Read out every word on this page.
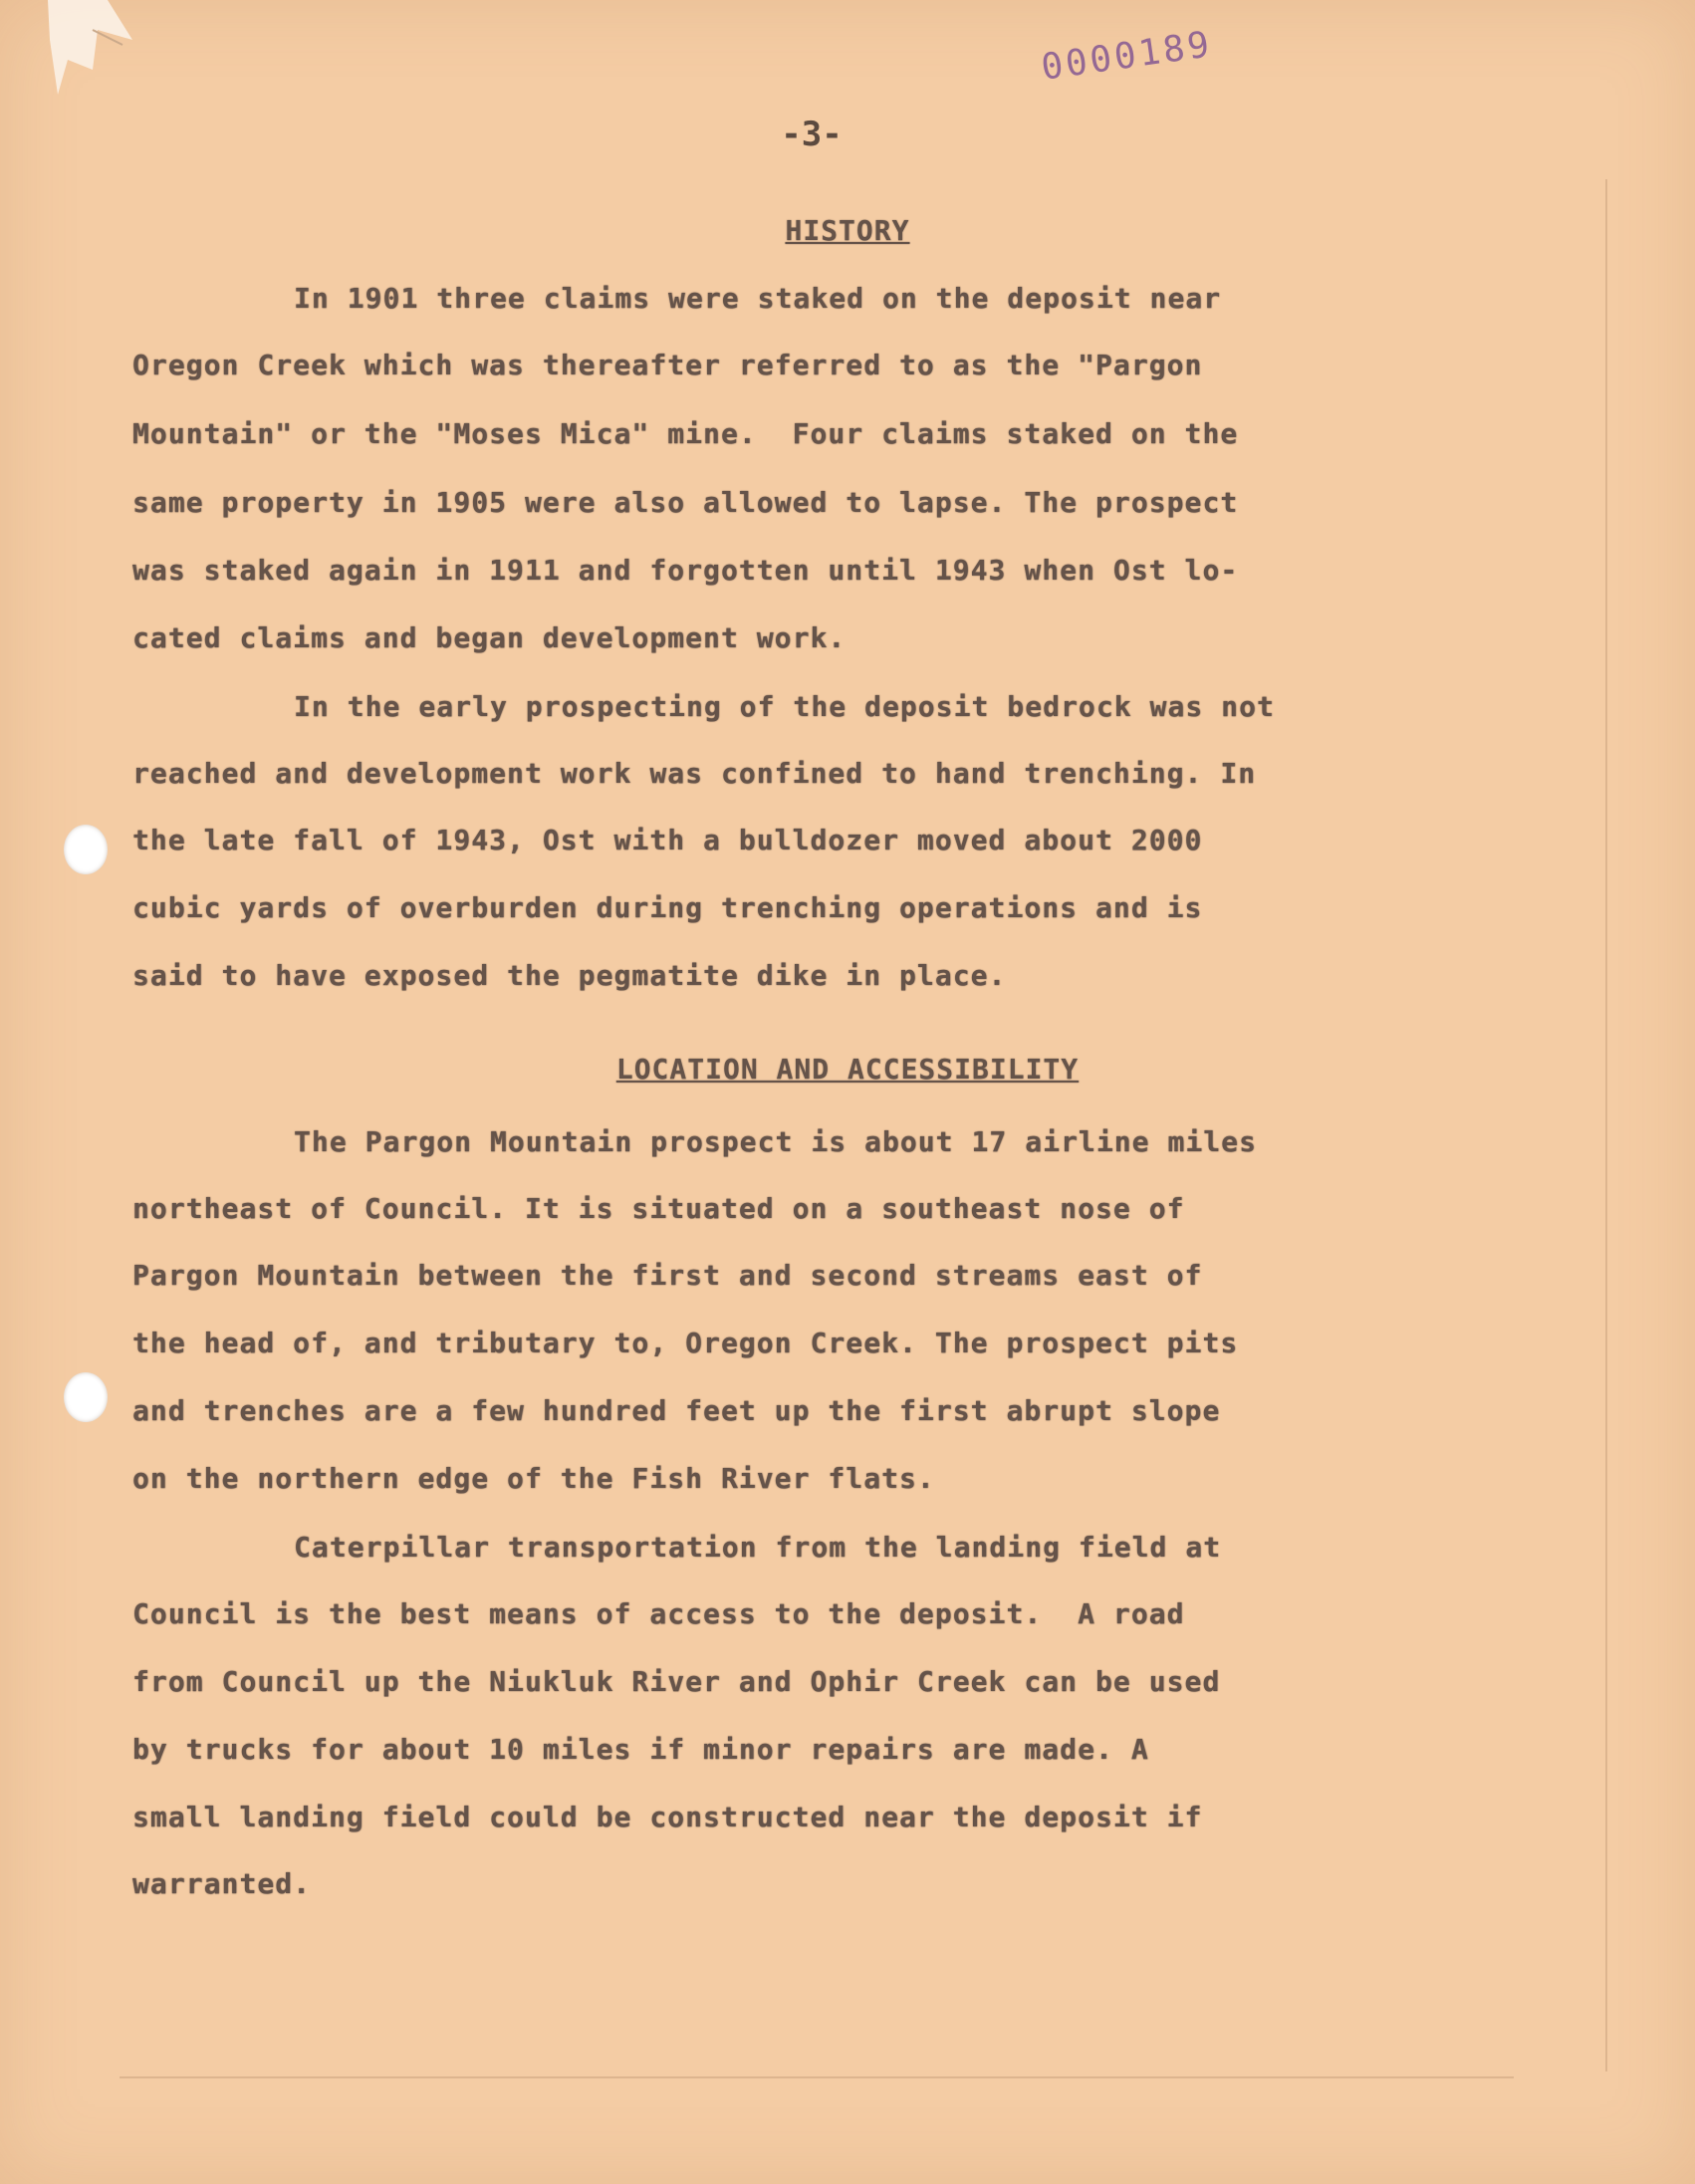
0000189
-3-
HISTORY

In 1901 three claims were staked on the deposit near

Oregon Creek which was thereafter referred to as the "Pargon

Mountain" or the "Moses Mica" mine.  Four claims staked on the

same property in 1905 were also allowed to lapse. The prospect

was staked again in 1911 and forgotten until 1943 when Ost lo-

cated claims and began development work.

In the early prospecting of the deposit bedrock was not

reached and development work was confined to hand trenching. In

the late fall of 1943, Ost with a bulldozer moved about 2000

cubic yards of overburden during trenching operations and is

said to have exposed the pegmatite dike in place.

LOCATION AND ACCESSIBILITY

The Pargon Mountain prospect is about 17 airline miles

northeast of Council. It is situated on a southeast nose of

Pargon Mountain between the first and second streams east of

the head of, and tributary to, Oregon Creek. The prospect pits

and trenches are a few hundred feet up the first abrupt slope

on the northern edge of the Fish River flats.

Caterpillar transportation from the landing field at

Council is the best means of access to the deposit.  A road

from Council up the Niukluk River and Ophir Creek can be used

by trucks for about 10 miles if minor repairs are made. A

small landing field could be constructed near the deposit if

warranted.
